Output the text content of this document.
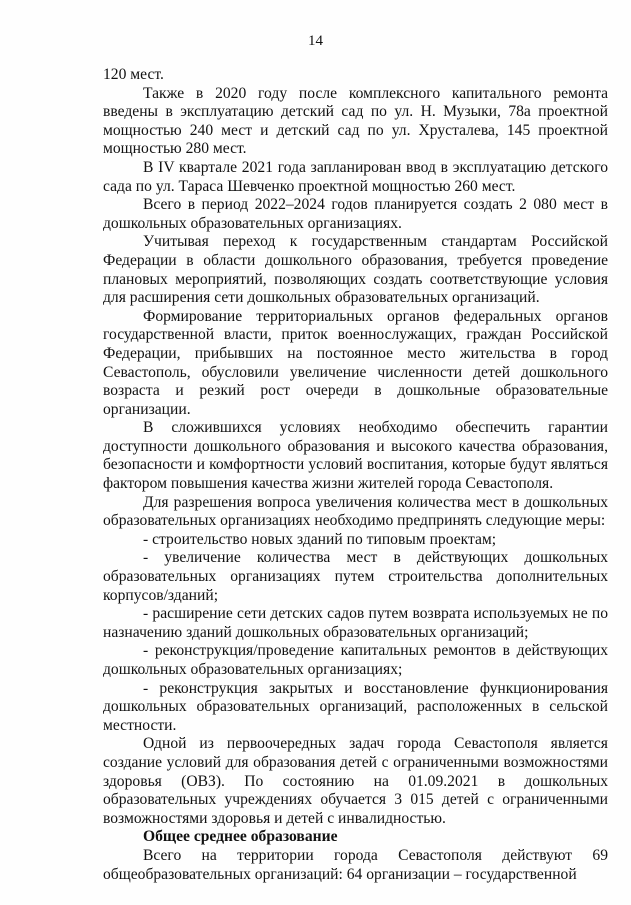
14

120 мест.

Также в 2020 году после комплексного капитального ремонта введены в эксплуатацию детский сад по ул. Н. Музыки, 78а проектной мощностью 240 мест и детский сад по ул. Хрусталева, 145 проектной мощностью 280 мест.

В IV квартале 2021 года запланирован ввод в эксплуатацию детского сада по ул. Тараса Шевченко проектной мощностью 260 мест.

Всего в период 2022–2024 годов планируется создать 2 080 мест в дошкольных образовательных организациях.

Учитывая переход к государственным стандартам Российской Федерации в области дошкольного образования, требуется проведение плановых мероприятий, позволяющих создать соответствующие условия для расширения сети дошкольных образовательных организаций.

Формирование территориальных органов федеральных органов государственной власти, приток военнослужащих, граждан Российской Федерации, прибывших на постоянное место жительства в город Севастополь, обусловили увеличение численности детей дошкольного возраста и резкий рост очереди в дошкольные образовательные организации.

В сложившихся условиях необходимо обеспечить гарантии доступности дошкольного образования и высокого качества образования, безопасности и комфортности условий воспитания, которые будут являться фактором повышения качества жизни жителей города Севастополя.

Для разрешения вопроса увеличения количества мест в дошкольных образовательных организациях необходимо предпринять следующие меры:

- строительство новых зданий по типовым проектам;

- увеличение количества мест в действующих дошкольных образовательных организациях путем строительства дополнительных корпусов/зданий;

- расширение сети детских садов путем возврата используемых не по назначению зданий дошкольных образовательных организаций;

- реконструкция/проведение капитальных ремонтов в действующих дошкольных образовательных организациях;

- реконструкция закрытых и восстановление функционирования дошкольных образовательных организаций, расположенных в сельской местности.

Одной из первоочередных задач города Севастополя является создание условий для образования детей с ограниченными возможностями здоровья (ОВЗ). По состоянию на 01.09.2021 в дошкольных образовательных учреждениях обучается 3 015 детей с ограниченными возможностями здоровья и детей с инвалидностью.

Общее среднее образование

Всего на территории города Севастополя действуют 69 общеобразовательных организаций: 64 организации – государственной
